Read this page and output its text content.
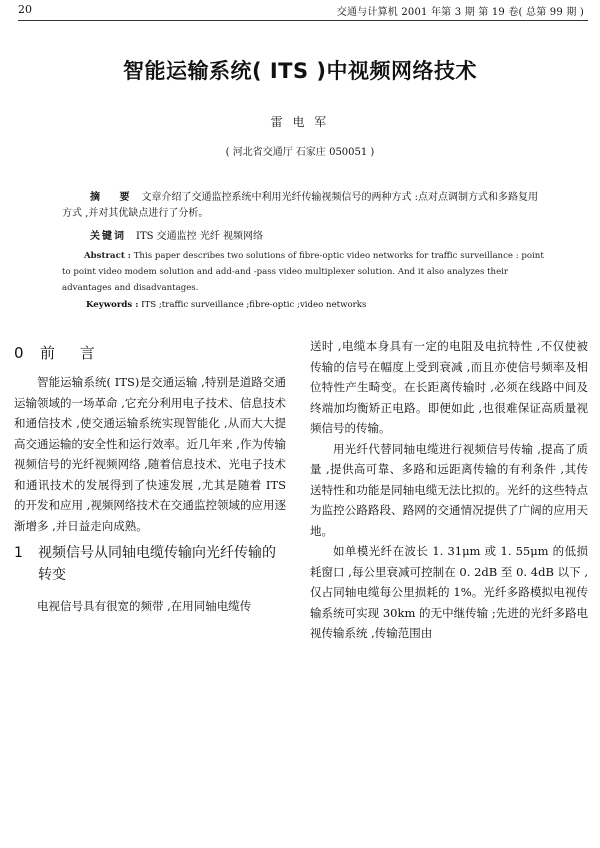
20	交通与计算机 2001 年第 3 期 第 19 卷( 总第 99 期 )
智能运输系统( ITS )中视频网络技术
雷 电 军
( 河北省交通厅 石家庄 050051 )
摘 要 文章介绍了交通监控系统中利用光纤传输视频信号的两种方式 :点对点调制方式和多路复用方式 ,并对其优缺点进行了分析。
关键词 ITS 交通监控 光纤 视频网络
Abstract : This paper describes two solutions of fibre-optic video networks for traffic surveillance : point to point video modem solution and add-and -pass video multiplexer solution. And it also analyzes their advantages and disadvantages.
Keywords : ITS ;traffic surveillance ;fibre-optic ;video networks
0 前 言

智能运输系统( ITS)是交通运输 ,特别是道路交通运输领域的一场革命 ,它充分利用电子技术、信息技术和通信技术 ,使交通运输系统实现智能化 ,从而大大提高交通运输的安全性和运行效率。近几年来 ,作为传输视频信号的光纤视频网络 ,随着信息技术、光电子技术和通讯技术的发展得到了快速发展 ,尤其是随着 ITS 的开发和应用 ,视频网络技术在交通监控领域的应用逐渐增多 ,并日益走向成熟。

1	视频信号从同轴电缆传输向光纤传输的转变

电视信号具有很宽的频带 ,在用同轴电缆传

送时 ,电缆本身具有一定的电阻及电抗特性 ,不仅使被传输的信号在幅度上受到衰减 ,而且亦使信号频率及相位特性产生畸变。在长距离传输时 ,必须在线路中间及终端加均衡矫正电路。即便如此 ,也很难保证高质量视频信号的传输。

用光纤代替同轴电缆进行视频信号传输 ,提高了质量 ,提供高可靠、多路和远距离传输的有利条件 ,其传送特性和功能是同轴电缆无法比拟的。光纤的这些特点为监控公路路段、路网的交通情况提供了广阔的应用天地。

如单模光纤在波长 1. 31μm 或 1. 55μm 的低损耗窗口 ,每公里衰减可控制在 0. 2dB 至 0. 4dB 以下 ,仅占同轴电缆每公里损耗的 1%。光纤多路模拟电视传输系统可实现 30km 的无中继传输 ;先进的光纤多路电视传输系统 ,传输范围由
